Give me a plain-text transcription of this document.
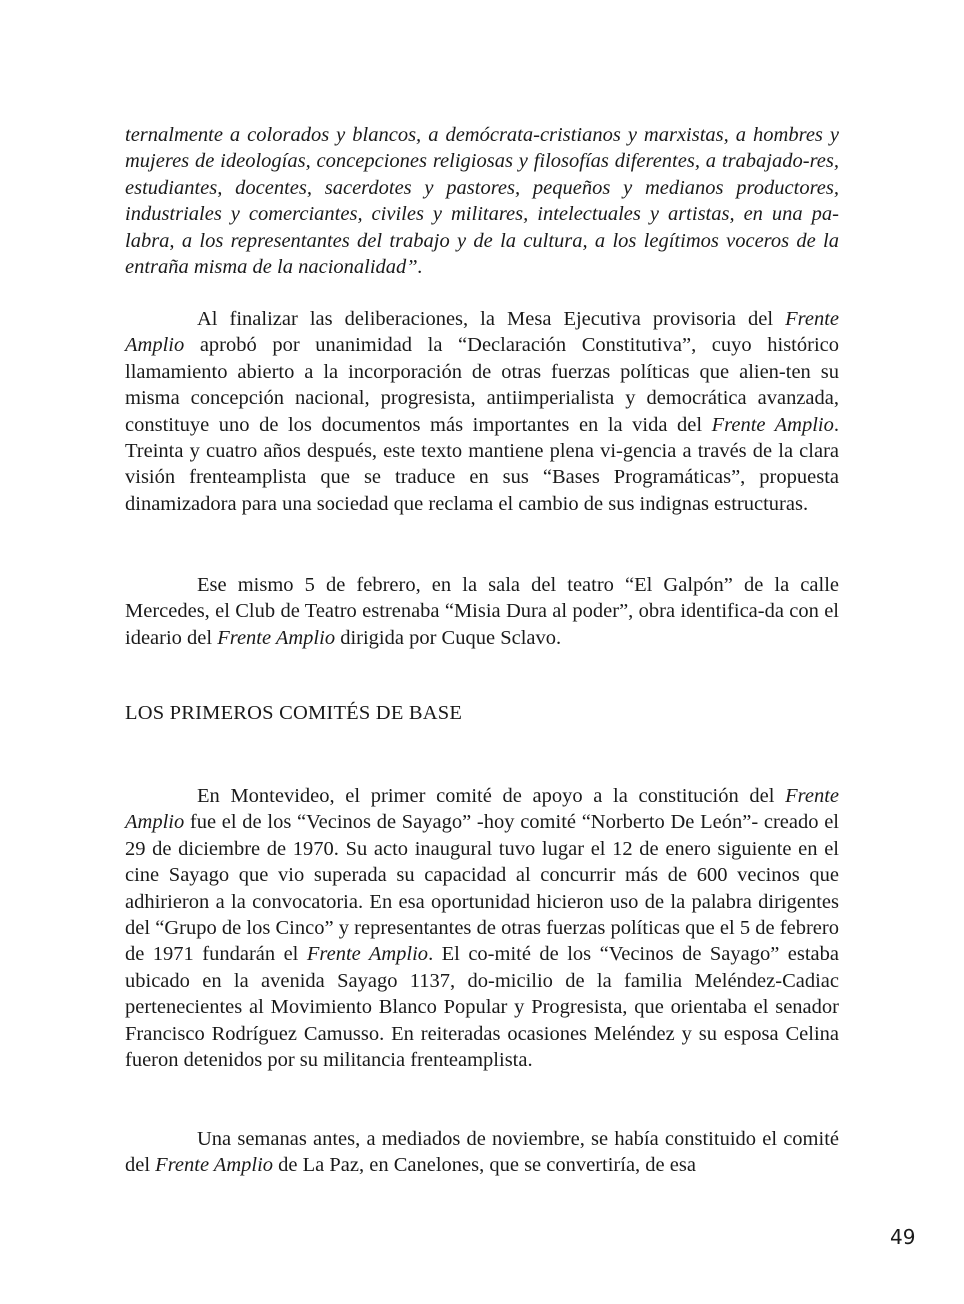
ternalmente a colorados y blancos, a demócrata-cristianos y marxistas, a hombres y mujeres de ideologías, concepciones religiosas y filosofías diferentes, a trabajado-res, estudiantes, docentes, sacerdotes y pastores, pequeños y medianos productores, industriales y comerciantes, civiles y militares, intelectuales y artistas, en una pa-labra, a los representantes del trabajo y de la cultura, a los legítimos voceros de la entraña misma de la nacionalidad”.

Al finalizar las deliberaciones, la Mesa Ejecutiva provisoria del Frente Amplio aprobó por unanimidad la “Declaración Constitutiva”, cuyo histórico llamamiento abierto a la incorporación de otras fuerzas políticas que alien-ten su misma concepción nacional, progresista, antiimperialista y democrática avanzada, constituye uno de los documentos más importantes en la vida del Frente Amplio. Treinta y cuatro años después, este texto mantiene plena vi-gencia a través de la clara visión frenteamplista que se traduce en sus “Bases Programáticas”, propuesta dinamizadora para una sociedad que reclama el cambio de sus indignas estructuras.

Ese mismo 5 de febrero, en la sala del teatro “El Galpón” de la calle Mercedes, el Club de Teatro estrenaba “Misia Dura al poder”, obra identifica-da con el ideario del Frente Amplio dirigida por Cuque Sclavo.

LOS PRIMEROS COMITÉS DE BASE

En Montevideo, el primer comité de apoyo a la constitución del Frente Amplio fue el de los “Vecinos de Sayago” -hoy comité “Norberto De León”- creado el 29 de diciembre de 1970. Su acto inaugural tuvo lugar el 12 de enero siguiente en el cine Sayago que vio superada su capacidad al concurrir más de 600 vecinos que adhirieron a la convocatoria. En esa oportunidad hicieron uso de la palabra dirigentes del “Grupo de los Cinco” y representantes de otras fuerzas políticas que el 5 de febrero de 1971 fundarán el Frente Amplio. El co-mité de los “Vecinos de Sayago” estaba ubicado en la avenida Sayago 1137, do-micilio de la familia Meléndez-Cadiac pertenecientes al Movimiento Blanco Popular y Progresista, que orientaba el senador Francisco Rodríguez Camusso. En reiteradas ocasiones Meléndez y su esposa Celina fueron detenidos por su militancia frenteamplista.

Una semanas antes, a mediados de noviembre, se había constituido el comité del Frente Amplio de La Paz, en Canelones, que se convertiría, de esa

49
